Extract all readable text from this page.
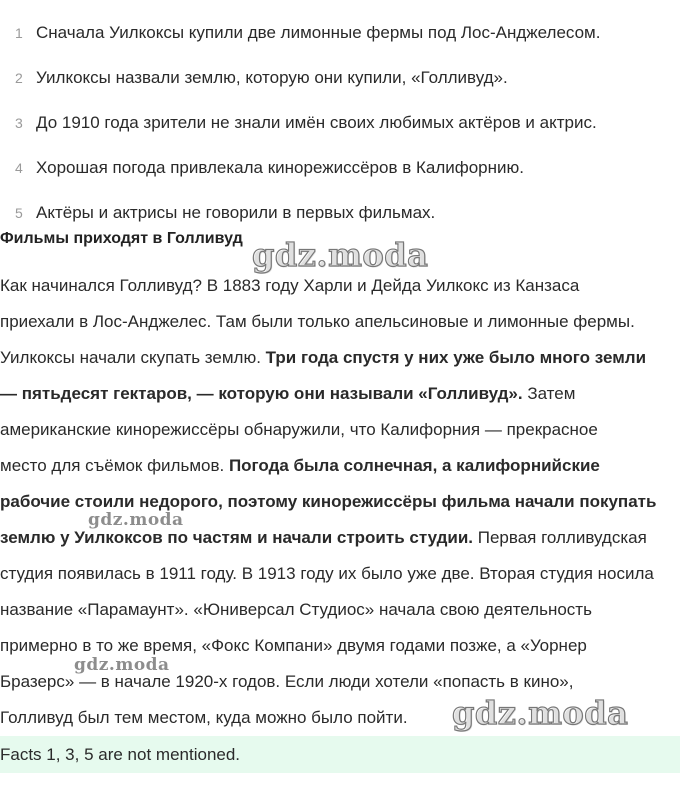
1 Сначала Уилкоксы купили две лимонные фермы под Лос-Анджелесом.
2 Уилкоксы назвали землю, которую они купили, «Голливуд».
3 До 1910 года зрители не знали имён своих любимых актёров и актрис.
4 Хорошая погода привлекала кинорежиссёров в Калифорнию.
5 Актёры и актрисы не говорили в первых фильмах.
Фильмы приходят в Голливуд
Как начинался Голливуд? В 1883 году Харли и Дейда Уилкокс из Канзаса
приехали в Лос-Анджелес. Там были только апельсиновые и лимонные фермы.
Уилкоксы начали скупать землю. Три года спустя у них уже было много земли
— пятьдесят гектаров, — которую они называли «Голливуд». Затем
американские кинорежиссёры обнаружили, что Калифорния — прекрасное
место для съёмок фильмов. Погода была солнечная, а калифорнийские
рабочие стоили недорого, поэтому кинорежиссёры фильма начали покупать
землю у Уилкоксов по частям и начали строить студии. Первая голливудская
студия появилась в 1911 году. В 1913 году их было уже две. Вторая студия носила
название «Парамаунт». «Юниверсал Студиос» начала свою деятельность
примерно в то же время, «Фокс Компани» двумя годами позже, а «Уорнер
Бразерс» — в начале 1920-х годов. Если люди хотели «попасть в кино»,
Голливуд был тем местом, куда можно было пойти.
Facts 1, 3, 5 are not mentioned.
gdz.moda
gdz.moda
gdz.moda
gdz.moda
